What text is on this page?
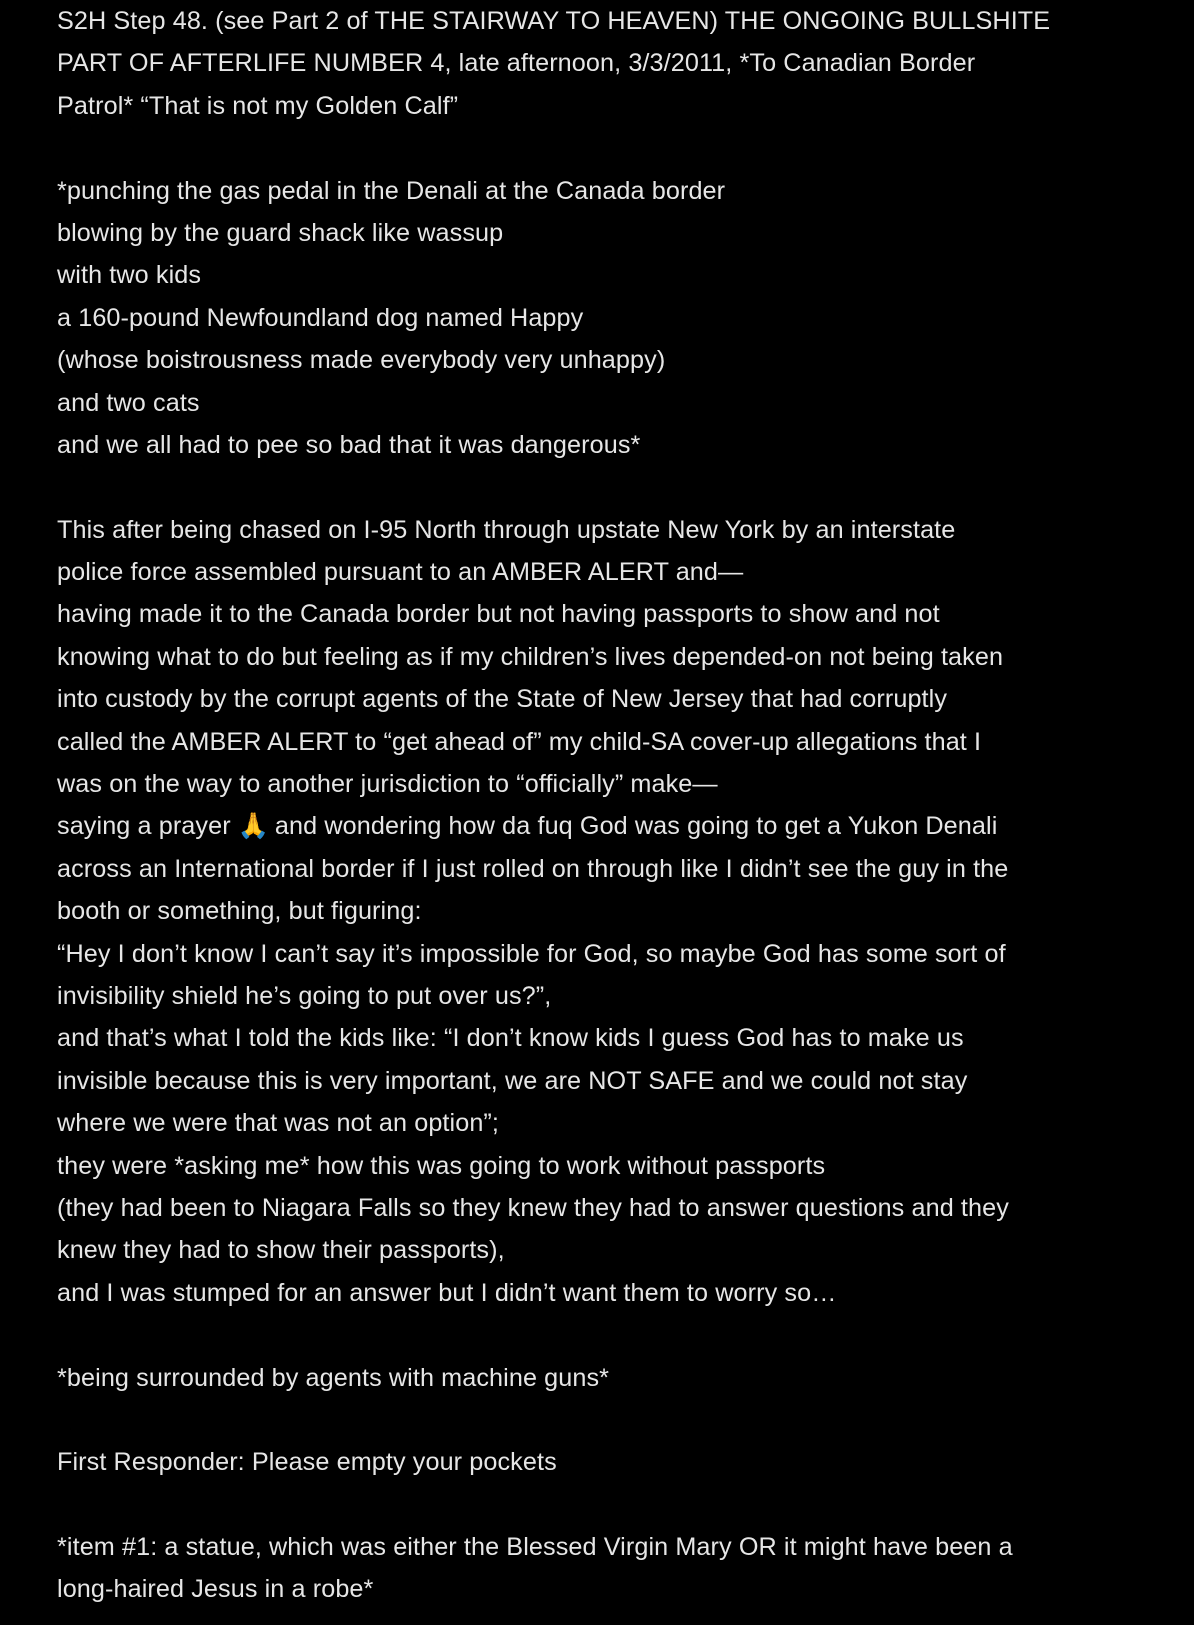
S2H Step 48. (see Part 2 of THE STAIRWAY TO HEAVEN) THE ONGOING BULLSHITE
PART OF AFTERLIFE NUMBER 4, late afternoon, 3/3/2011, *To Canadian Border
Patrol* “That is not my Golden Calf”
*punching the gas pedal in the Denali at the Canada border
blowing by the guard shack like wassup
with two kids
a 160-pound Newfoundland dog named Happy
(whose boistrousness made everybody very unhappy)
and two cats
and we all had to pee so bad that it was dangerous*
This after being chased on I-95 North through upstate New York by an interstate
police force assembled pursuant to an AMBER ALERT and—
having made it to the Canada border but not having passports to show and not
knowing what to do but feeling as if my children’s lives depended-on not being taken
into custody by the corrupt agents of the State of New Jersey that had corruptly
called the AMBER ALERT to “get ahead of” my child-SA cover-up allegations that I
was on the way to another jurisdiction to “officially” make—
saying a prayer 🙏 and wondering how da fuq God was going to get a Yukon Denali
across an International border if I just rolled on through like I didn’t see the guy in the
booth or something, but figuring:
“Hey I don’t know I can’t say it’s impossible for God, so maybe God has some sort of
invisibility shield he’s going to put over us?”,
and that’s what I told the kids like: “I don’t know kids I guess God has to make us
invisible because this is very important, we are NOT SAFE and we could not stay
where we were that was not an option”;
they were *asking me* how this was going to work without passports
(they had been to Niagara Falls so they knew they had to answer questions and they
knew they had to show their passports),
and I was stumped for an answer but I didn’t want them to worry so…
*being surrounded by agents with machine guns*
First Responder: Please empty your pockets
*item #1: a statue, which was either the Blessed Virgin Mary OR it might have been a
long-haired Jesus in a robe*
